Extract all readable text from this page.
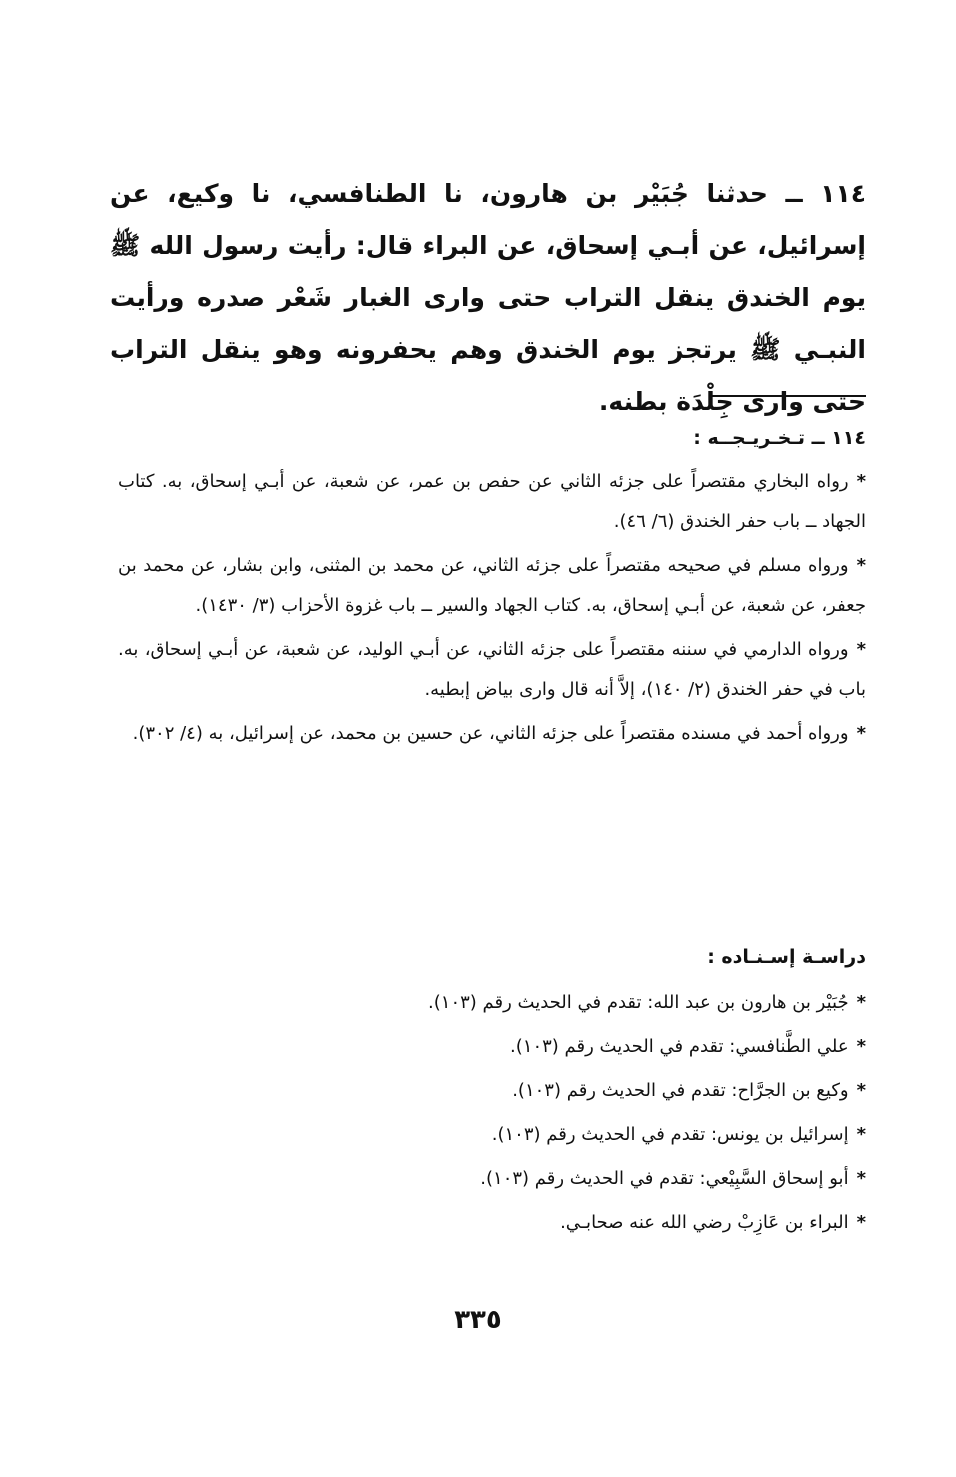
١١٤ ــ حدثنا جُبَيْر بن هارون، نا الطنافسي، نا وكيع، عن إسرائيل، عن أبـي إسحاق، عن البراء قال: رأيت رسول الله ﷺ يوم الخندق ينقل التراب حتى وارى الغبار شَعْر صدره ورأيت النبـي ﷺ يرتجز يوم الخندق وهم يحفرونه وهو ينقل التراب حتى وارى جِلْدَة بطنه.

١١٤ ــ تـخـريـجــه :

*رواه البخاري مقتصراً على جزئه الثاني عن حفص بن عمر، عن شعبة، عن أبـي إسحاق، به. كتاب الجهاد ــ باب حفر الخندق (٦/ ٤٦).

*ورواه مسلم في صحيحه مقتصراً على جزئه الثاني، عن محمد بن المثنى، وابن بشار، عن محمد بن جعفر، عن شعبة، عن أبـي إسحاق، به. كتاب الجهاد والسير ــ باب غزوة الأحزاب (٣/ ١٤٣٠).

*ورواه الدارمي في سننه مقتصراً على جزئه الثاني، عن أبـي الوليد، عن شعبة، عن أبـي إسحاق، به. باب في حفر الخندق (٢/ ١٤٠)، إلاَّ أنه قال وارى بياض إبطيه.

*ورواه أحمد في مسنده مقتصراً على جزئه الثاني، عن حسين بن محمد، عن إسرائيل، به (٤/ ٣٠٢).

دراسـة إسـنـاده :

*جُبَيْر بن هارون بن عبد الله: تقدم في الحديث رقم (١٠٣).
*علي الطَّنافسي: تقدم في الحديث رقم (١٠٣).
*وكيع بن الجرَّاح: تقدم في الحديث رقم (١٠٣).
*إسرائيل بن يونس: تقدم في الحديث رقم (١٠٣).
*أبو إسحاق السَّبِيْعي: تقدم في الحديث رقم (١٠٣).
*البراء بن عَازِبْ رضي الله عنه صحابـي.
٣٣٥
